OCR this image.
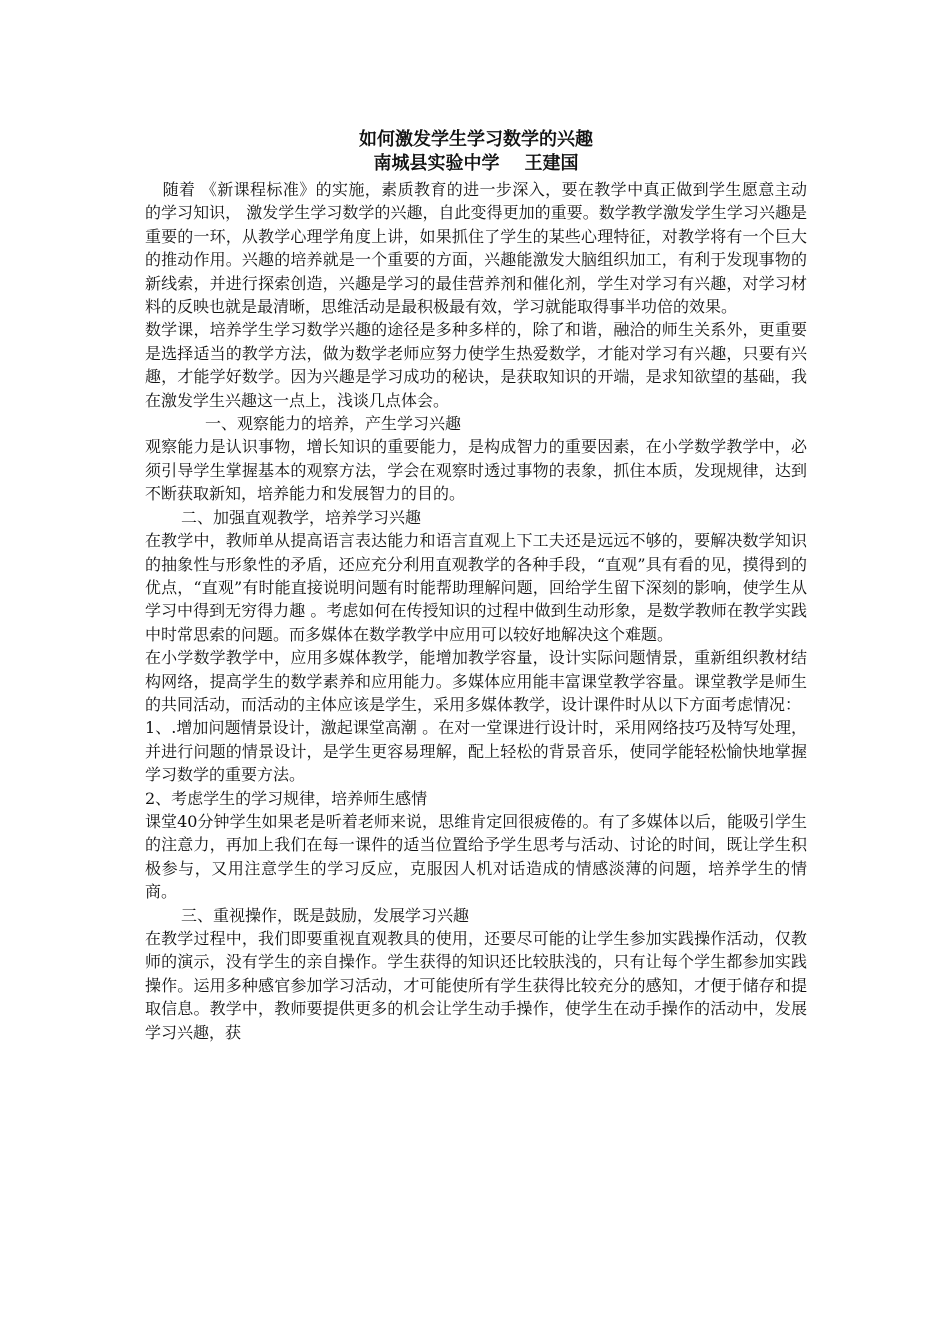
如何激发学生学习数学的兴趣
南城县实验中学    王建国

随着 《新课程标准》的实施，素质教育的进一步深入，要在教学中真正做到学生愿意主动的学习知识， 激发学生学习数学的兴趣，自此变得更加的重要。数学教学激发学生学习兴趣是重要的一环，从教学心理学角度上讲，如果抓住了学生的某些心理特征，对教学将有一个巨大的推动作用。兴趣的培养就是一个重要的方面，兴趣能激发大脑组织加工，有利于发现事物的新线索，并进行探索创造，兴趣是学习的最佳营养剂和催化剂，学生对学习有兴趣，对学习材料的反映也就是最清晰，思维活动是最积极最有效，学习就能取得事半功倍的效果。

数学课，培养学生学习数学兴趣的途径是多种多样的，除了和谐，融洽的师生关系外，更重要是选择适当的教学方法，做为数学老师应努力使学生热爱数学，才能对学习有兴趣，只要有兴趣，才能学好数学。因为兴趣是学习成功的秘诀，是获取知识的开端，是求知欲望的基础，我在激发学生兴趣这一点上，浅谈几点体会。

一、观察能力的培养，产生学习兴趣

观察能力是认识事物，增长知识的重要能力，是构成智力的重要因素，在小学数学教学中，必须引导学生掌握基本的观察方法，学会在观察时透过事物的表象，抓住本质，发现规律，达到不断获取新知，培养能力和发展智力的目的。

二、加强直观教学，培养学习兴趣

在教学中，教师单从提高语言表达能力和语言直观上下工夫还是远远不够的，要解决数学知识的抽象性与形象性的矛盾，还应充分利用直观教学的各种手段，“直观”具有看的见，摸得到的优点，“直观”有时能直接说明问题有时能帮助理解问题，回给学生留下深刻的影响，使学生从学习中得到无穷得力趣 。考虑如何在传授知识的过程中做到生动形象，是数学教师在教学实践中时常思索的问题。而多媒体在数学教学中应用可以较好地解决这个难题。

在小学数学教学中，应用多媒体教学，能增加教学容量，设计实际问题情景，重新组织教材结构网络，提高学生的数学素养和应用能力。多媒体应用能丰富课堂教学容量。课堂教学是师生的共同活动，而活动的主体应该是学生，采用多媒体教学，设计课件时从以下方面考虑情况：

1、.增加问题情景设计，激起课堂高潮 。在对一堂课进行设计时，采用网络技巧及特写处理，并进行问题的情景设计，是学生更容易理解，配上轻松的背景音乐，使同学能轻松愉快地掌握学习数学的重要方法。

2、考虑学生的学习规律，培养师生感情

课堂40分钟学生如果老是听着老师来说，思维肯定回很疲倦的。有了多媒体以后，能吸引学生的注意力，再加上我们在每一课件的适当位置给予学生思考与活动、讨论的时间，既让学生积极参与，又用注意学生的学习反应，克服因人机对话造成的情感淡薄的问题，培养学生的情商。

三、重视操作，既是鼓励，发展学习兴趣

在教学过程中，我们即要重视直观教具的使用，还要尽可能的让学生参加实践操作活动，仅教师的演示，没有学生的亲自操作。学生获得的知识还比较肤浅的，只有让每个学生都参加实践操作。运用多种感官参加学习活动，才可能使所有学生获得比较充分的感知，才便于储存和提取信息。教学中，教师要提供更多的机会让学生动手操作，使学生在动手操作的活动中，发展学习兴趣，获
